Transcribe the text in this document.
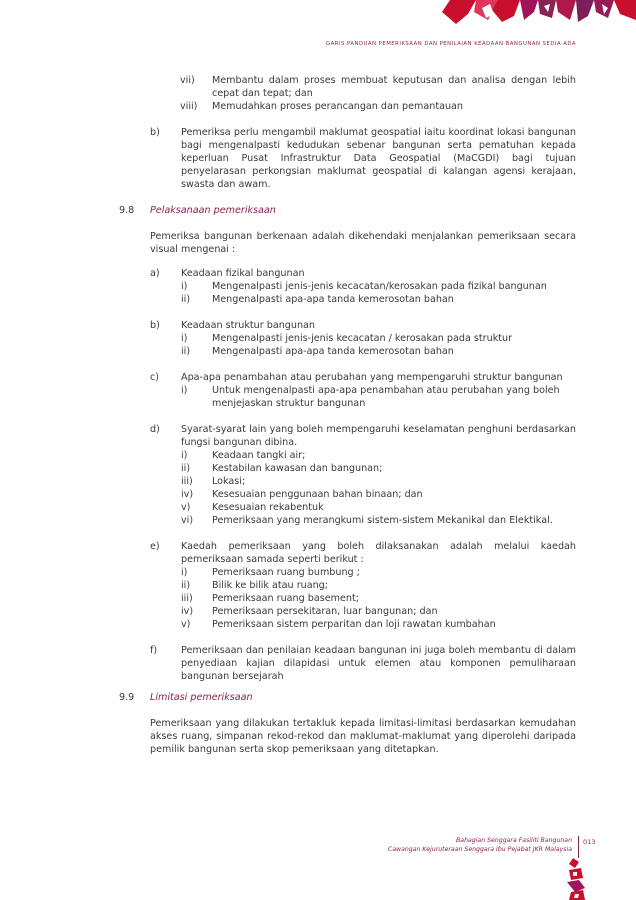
GARIS PANDUAN PEMERIKSAAN DAN PENILAIAN KEADAAN BANGUNAN SEDIA ADA
vii)	Membantu dalam proses membuat keputusan dan analisa dengan lebih cepat dan tepat; dan
viii)	Memudahkan proses perancangan dan pemantauan
b) Pemeriksa perlu mengambil maklumat geospatial iaitu koordinat lokasi bangunan bagi mengenalpasti kedudukan sebenar bangunan serta pematuhan kepada keperluan Pusat Infrastruktur Data Geospatial (MaCGDI) bagi tujuan penyelarasan perkongsian maklumat geospatial di kalangan agensi kerajaan, swasta dan awam.
9.8 Pelaksanaan pemeriksaan
Pemeriksa bangunan berkenaan adalah dikehendaki menjalankan pemeriksaan secara visual mengenai :
a) Keadaan fizikal bangunan
i)	Mengenalpasti jenis-jenis kecacatan/kerosakan pada fizikal bangunan
ii) Mengenalpasti apa-apa tanda kemerosotan bahan
b) Keadaan struktur bangunan
i)	Mengenalpasti jenis-jenis kecacatan / kerosakan pada struktur
ii) Mengenalpasti apa-apa tanda kemerosotan bahan
c) Apa-apa penambahan atau perubahan yang mempengaruhi struktur bangunan
i)	Untuk mengenalpasti apa-apa penambahan atau perubahan yang boleh menjejaskan struktur bangunan
d) Syarat-syarat lain yang boleh mempengaruhi keselamatan penghuni berdasarkan fungsi bangunan dibina.
i)	Keadaan tangki air;
ii) Kestabilan kawasan dan bangunan;
iii) Lokasi;
iv) Kesesuaian penggunaan bahan binaan; dan
v) Kesesuaian rekabentuk
vi) Pemeriksaan yang merangkumi sistem-sistem Mekanikal dan Elektikal.
e) Kaedah pemeriksaan yang boleh dilaksanakan adalah melalui kaedah pemeriksaan samada seperti berikut :
i)	Pemeriksaan ruang bumbung ;
ii) Bilik ke bilik atau ruang;
iii) Pemeriksaan ruang basement;
iv) Pemeriksaan persekitaran, luar bangunan; dan
v) Pemeriksaan sistem perparitan dan loji rawatan kumbahan
f) Pemeriksaan dan penilaian keadaan bangunan ini juga boleh membantu di dalam penyediaan kajian dilapidasi untuk elemen atau komponen pemuliharaan bangunan bersejarah
9.9 Limitasi pemeriksaan
Pemeriksaan yang dilakukan tertakluk kepada limitasi-limitasi berdasarkan kemudahan akses ruang, simpanan rekod-rekod dan maklumat-maklumat yang diperolehi daripada pemilik bangunan serta skop pemeriksaan yang ditetapkan.
Bahagian Senggara Fasiliti Bangunan
Cawangan Kejuruteraan Senggara Ibu Pejabat JKR Malaysia
013
